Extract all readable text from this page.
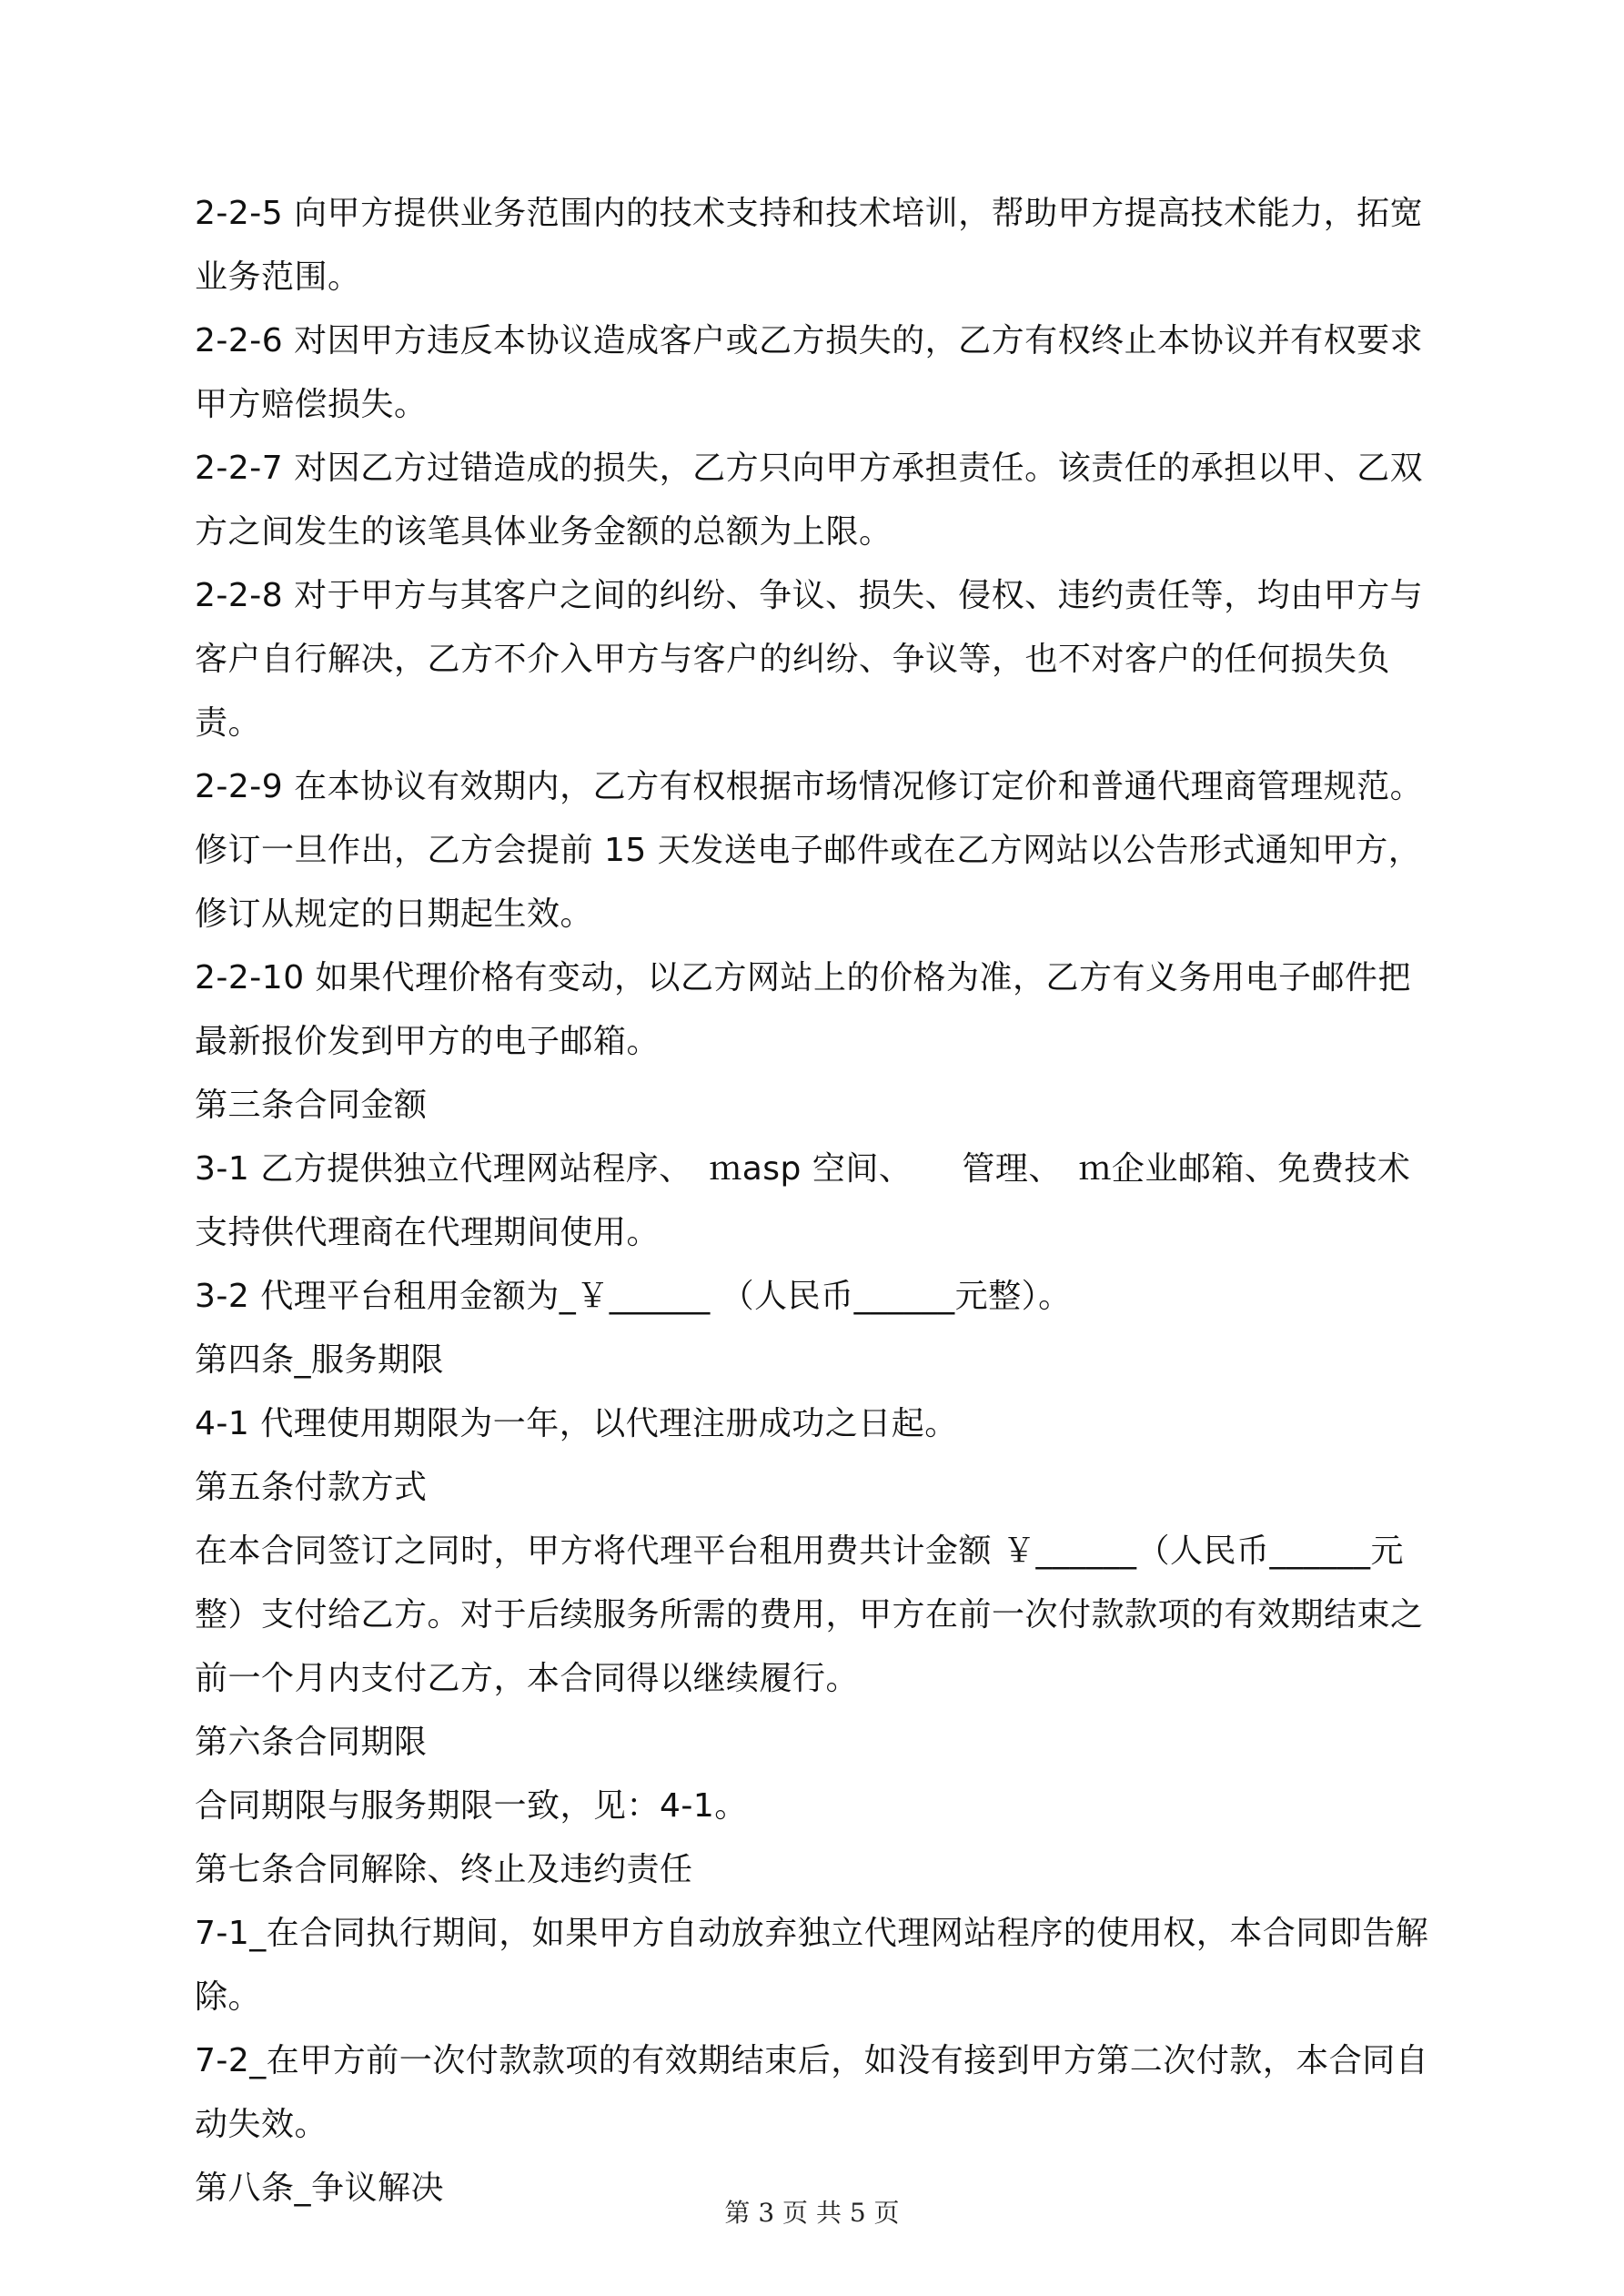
2-2-5 向甲方提供业务范围内的技术支持和技术培训，帮助甲方提高技术能力，拓宽业务范围。

2-2-6 对因甲方违反本协议造成客户或乙方损失的，乙方有权终止本协议并有权要求甲方赔偿损失。

2-2-7 对因乙方过错造成的损失，乙方只向甲方承担责任。该责任的承担以甲、乙双方之间发生的该笔具体业务金额的总额为上限。

2-2-8 对于甲方与其客户之间的纠纷、争议、损失、侵权、违约责任等，均由甲方与客户自行解决，乙方不介入甲方与客户的纠纷、争议等，也不对客户的任何损失负责。

2-2-9 在本协议有效期内，乙方有权根据市场情况修订定价和普通代理商管理规范。修订一旦作出，乙方会提前 15 天发送电子邮件或在乙方网站以公告形式通知甲方，修订从规定的日期起生效。

2-2-10 如果代理价格有变动，以乙方网站上的价格为准，乙方有义务用电子邮件把最新报价发到甲方的电子邮箱。

第三条合同金额

3-1 乙方提供独立代理网站程序、　ｍasp 空间、　　管理、　ｍ企业邮箱、免费技术支持供代理商在代理期间使用。

3-2 代理平台租用金额为_￥______ （人民币______元整）。

第四条_服务期限

4-1 代理使用期限为一年，以代理注册成功之日起。

第五条付款方式

在本合同签订之同时，甲方将代理平台租用费共计金额 ￥______（人民币______元整）支付给乙方。对于后续服务所需的费用，甲方在前一次付款款项的有效期结束之前一个月内支付乙方，本合同得以继续履行。

第六条合同期限

合同期限与服务期限一致，见：4-1。

第七条合同解除、终止及违约责任

7-1_在合同执行期间，如果甲方自动放弃独立代理网站程序的使用权，本合同即告解除。

7-2_在甲方前一次付款款项的有效期结束后，如没有接到甲方第二次付款，本合同自动失效。

第八条_争议解决

第 3 页 共 5 页
